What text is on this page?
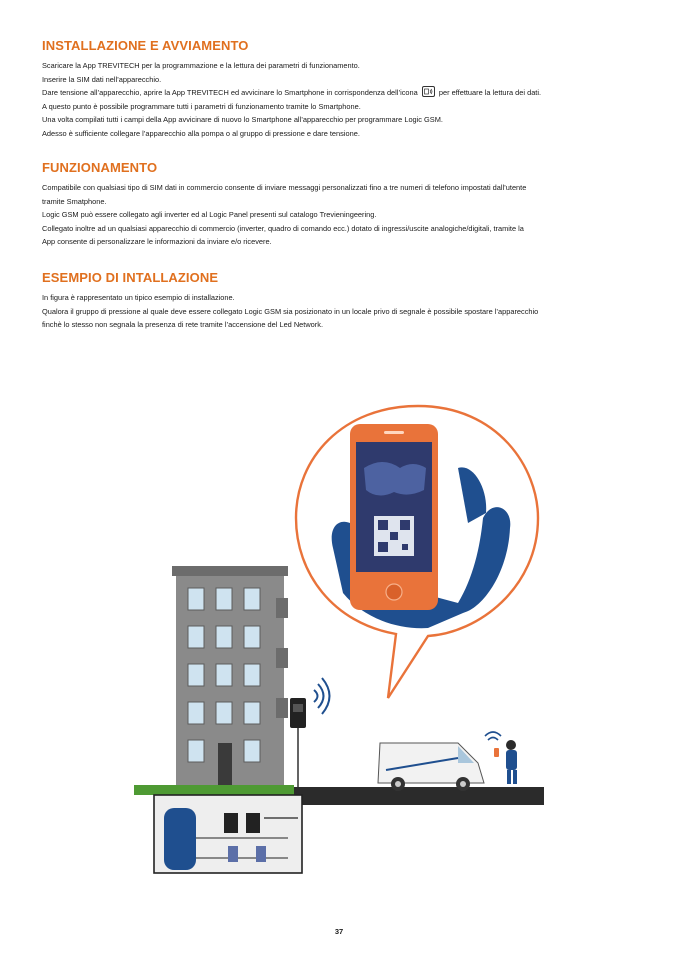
INSTALLAZIONE E AVVIAMENTO

Scaricare la App TREVITECH per la programmazione e la lettura dei parametri di funzionamento.

Inserire la SIM dati nell’apparecchio.

Dare tensione all’apparecchio, aprire la App TREVITECH ed avvicinare lo Smartphone in corrispondenza dell’icona	per effettuare la lettura dei dati.

A questo punto è possibile programmare tutti i parametri di funzionamento tramite lo Smartphone.

Una volta compilati tutti i campi della App avvicinare di nuovo lo Smartphone all’apparecchio per programmare Logic GSM.

Adesso è sufficiente collegare l’apparecchio alla pompa o al gruppo di pressione e dare tensione.

FUNZIONAMENTO

Compatibile con qualsiasi tipo di SIM dati in commercio consente di inviare messaggi personalizzati fino a tre numeri di telefono impostati dall’utente

tramite Smatphone.

Logic GSM può essere collegato agli inverter ed al Logic Panel presenti sul catalogo Trevieningeering.

Collegato inoltre ad un qualsiasi apparecchio di commercio (inverter, quadro di comando ecc.) dotato di ingressi/uscite analogiche/digitali, tramite la

App consente di personalizzare le informazioni da inviare e/o ricevere.

ESEMPIO DI INTALLAZIONE

In figura è rappresentato un tipico esempio di installazione.

Qualora il gruppo di pressione al quale deve essere collegato Logic GSM sia posizionato in un locale privo di segnale è possibile spostare l’apparecchio

finchè lo stesso non segnala la presenza di rete tramite l’accensione del Led Network.

37
